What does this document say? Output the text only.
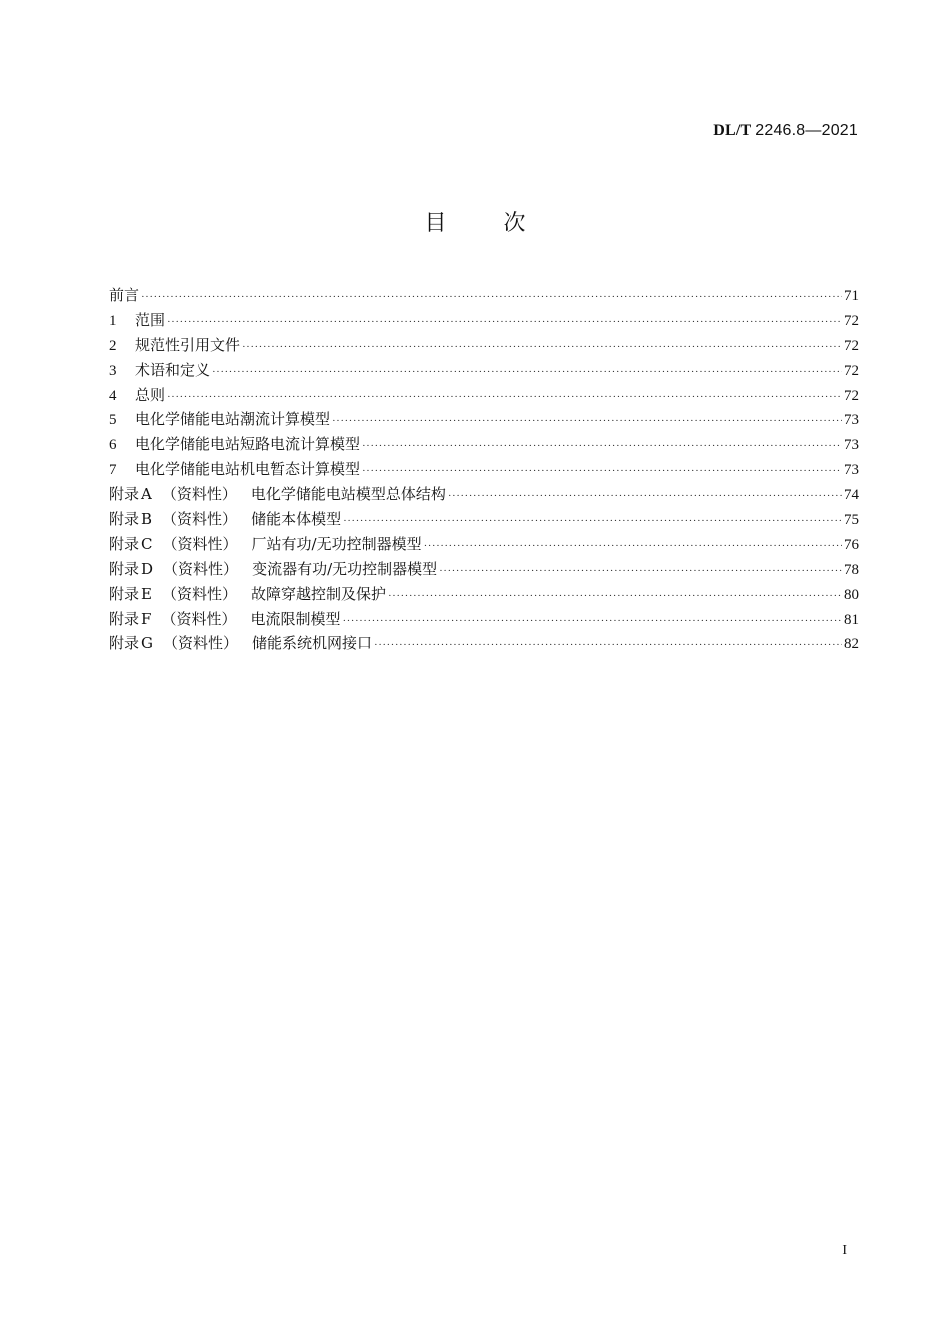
DL/T 2246.8—2021
目 次
前言 ·····	71
1 范围 ·····	72
2 规范性引用文件 ·····	72
3 术语和定义 ·····	72
4 总则 ·····	72
5 电化学储能电站潮流计算模型 ·····	73
6 电化学储能电站短路电流计算模型 ·····	73
7 电化学储能电站机电暂态计算模型 ·····	73
附录 A （资料性） 电化学储能电站模型总体结构 ·····	74
附录 B （资料性） 储能本体模型 ·····	75
附录 C （资料性） 厂站有功/无功控制器模型 ·····	76
附录 D （资料性） 变流器有功/无功控制器模型 ·····	78
附录 E （资料性） 故障穿越控制及保护 ·····	80
附录 F （资料性） 电流限制模型 ·····	81
附录 G （资料性） 储能系统机网接口 ·····	82
I
